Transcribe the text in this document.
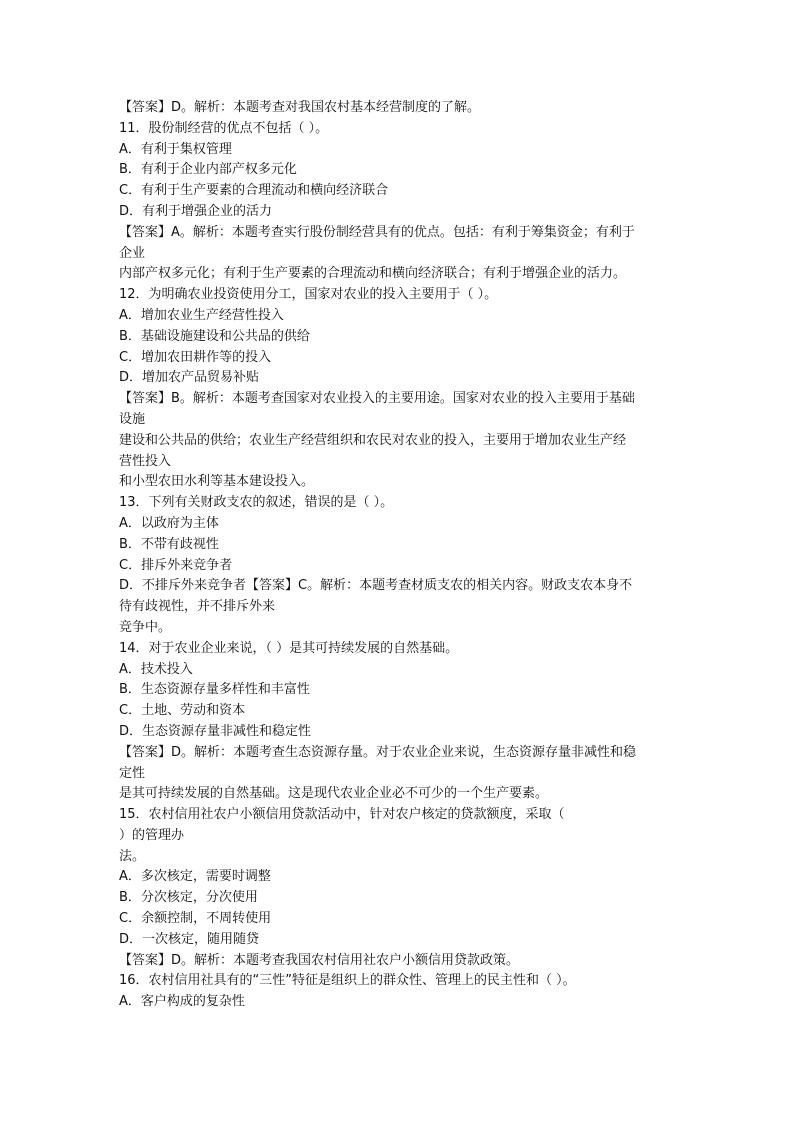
【答案】D。解析：本题考查对我国农村基本经营制度的了解。
11．股份制经营的优点不包括（ ）。
A．有利于集权管理
B．有利于企业内部产权多元化
C．有利于生产要素的合理流动和横向经济联合
D．有利于增强企业的活力
【答案】A。解析：本题考查实行股份制经营具有的优点。包括：有利于筹集资金；有利于
企业
内部产权多元化；有利于生产要素的合理流动和横向经济联合；有利于增强企业的活力。
12．为明确农业投资使用分工，国家对农业的投入主要用于（ ）。
A．增加农业生产经营性投入
B．基础设施建设和公共品的供给
C．增加农田耕作等的投入
D．增加农产品贸易补贴
【答案】B。解析：本题考查国家对农业投入的主要用途。国家对农业的投入主要用于基础
设施
建设和公共品的供给；农业生产经营组织和农民对农业的投入，主要用于增加农业生产经
营性投入
和小型农田水利等基本建设投入。
13．下列有关财政支农的叙述，错误的是（ ）。
A．以政府为主体
B．不带有歧视性
C．排斥外来竞争者
D．不排斥外来竞争者【答案】C。解析：本题考查材质支农的相关内容。财政支农本身不
待有歧视性，并不排斥外来
竞争中。
14．对于农业企业来说，（ ）是其可持续发展的自然基础。
A．技术投入
B．生态资源存量多样性和丰富性
C．土地、劳动和资本
D．生态资源存量非减性和稳定性
【答案】D。解析：本题考查生态资源存量。对于农业企业来说，生态资源存量非减性和稳
定性
是其可持续发展的自然基础。这是现代农业企业必不可少的一个生产要素。
15．农村信用社农户小额信用贷款活动中，针对农户核定的贷款额度，采取（
）的管理办
法。
A．多次核定，需要时调整
B．分次核定，分次使用
C．余额控制，不周转使用
D．一次核定，随用随贷
【答案】D。解析：本题考查我国农村信用社农户小额信用贷款政策。
16．农村信用社具有的“三性”特征是组织上的群众性、管理上的民主性和（ ）。
A．客户构成的复杂性
